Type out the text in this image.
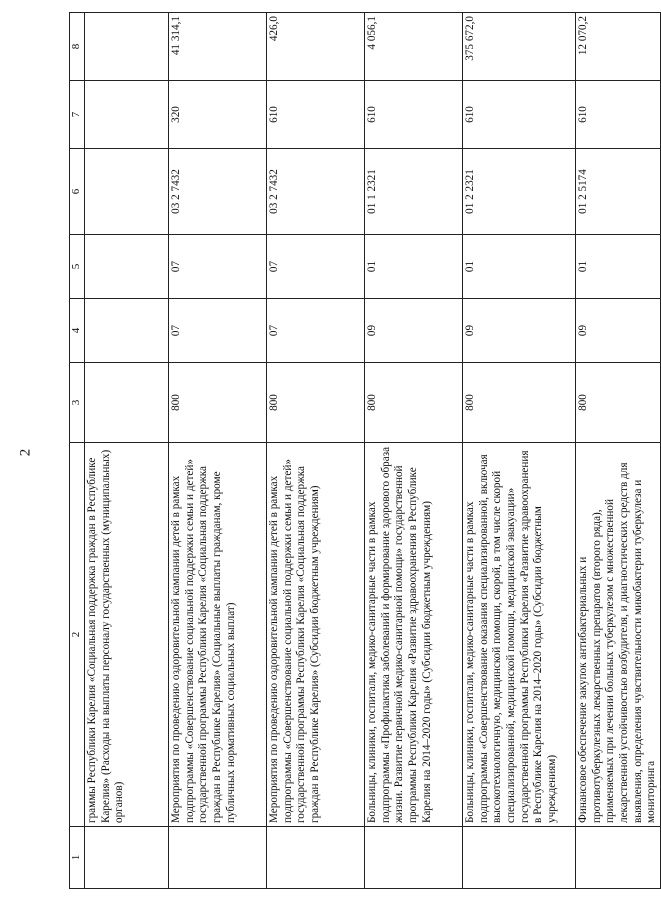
2
1	2	3	4	5	6	7	8
	граммы Республики Карелия «Социальная поддержка граждан в Республике Карелия» (Расходы на выплаты персоналу государственных (муниципальных) органов)						
	Мероприятия по проведению оздоровительной кампании детей в рамках подпрограммы «Совершенствование социальной поддержки семьи и детей» государственной программы Республики Карелия «Социальная поддержка граждан в Республике Карелия» (Социальные выплаты гражданам, кроме публичных нормативных социальных выплат)	800	07	07	03 2 7432	320	41 314,1
	Мероприятия по проведению оздоровительной кампании детей в рамках подпрограммы «Совершенствование социальной поддержки семьи и детей» государственной программы Республики Карелия «Социальная поддержка граждан в Республике Карелия» (Субсидии бюджетным учреждениям)	800	07	07	03 2 7432	610	426,0
	Больницы, клиники, госпитали, медико-санитарные части в рамках подпрограммы «Профилактика заболеваний и формирование здорового образа жизни. Развитие первичной медико-санитарной помощи» государственной программы Республики Карелия «Развитие здравоохранения в Республике Карелия на 2014–2020 годы» (Субсидии бюджетным учреждениям)	800	09	01	01 1 2321	610	4 056,1
	Больницы, клиники, госпитали, медико-санитарные части в рамках подпрограммы «Совершенствование оказания специализированной, включая высокотехнологичную, медицинской помощи, скорой, в том числе скорой специализированной, медицинской помощи, медицинской эвакуации» государственной программы Республики Карелия «Развитие здравоохранения в Республике Карелия на 2014–2020 годы» (Субсидии бюджетным учреждениям)	800	09	01	01 2 2321	610	375 672,0
	Финансовое обеспечение закупок антибактериальных и противотуберкулезных лекарственных препаратов (второго ряда), применяемых при лечении больных туберкулезом с множественной лекарственной устойчивостью возбудителя, и диагностических средств для выявления, определения чувствительности микобактерии туберкулеза и мониторинга	800	09	01	01 2 5174	610	12 070,2
